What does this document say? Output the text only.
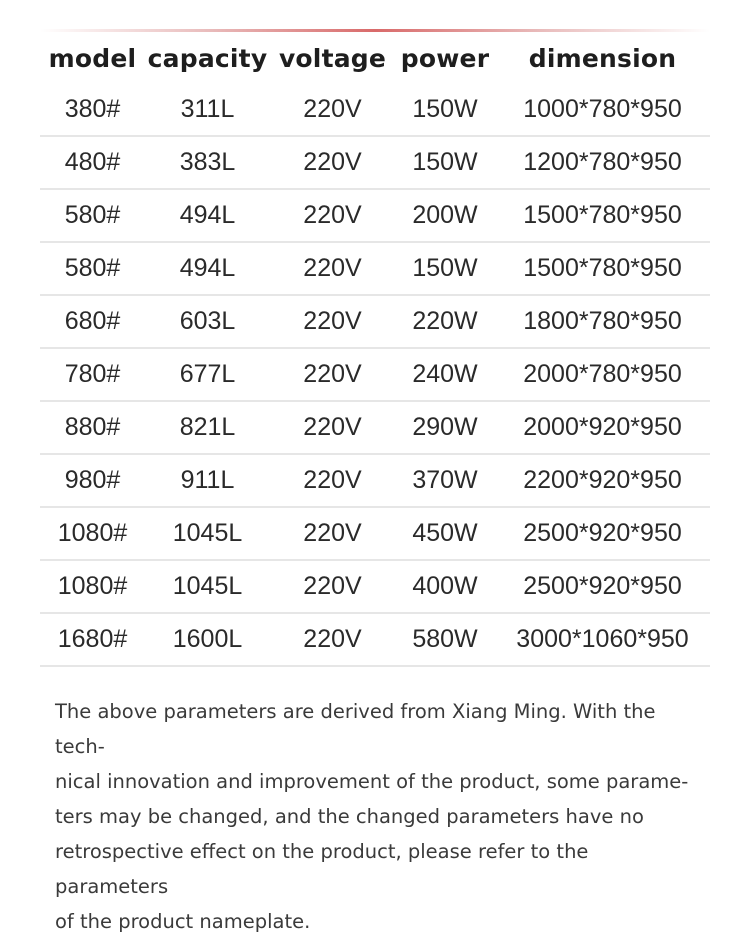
model	capacity	voltage	power	dimension
380#	311L	220V	150W	1000*780*950
480#	383L	220V	150W	1200*780*950
580#	494L	220V	200W	1500*780*950
580#	494L	220V	150W	1500*780*950
680#	603L	220V	220W	1800*780*950
780#	677L	220V	240W	2000*780*950
880#	821L	220V	290W	2000*920*950
980#	911L	220V	370W	2200*920*950
1080#	1045L	220V	450W	2500*920*950
1080#	1045L	220V	400W	2500*920*950
1680#	1600L	220V	580W	3000*1060*950

The above parameters are derived from Xiang Ming. With the tech-
nical innovation and improvement of the product, some parame-
ters may be changed, and the changed parameters have no
retrospective effect on the product, please refer to the parameters
of the product nameplate.
